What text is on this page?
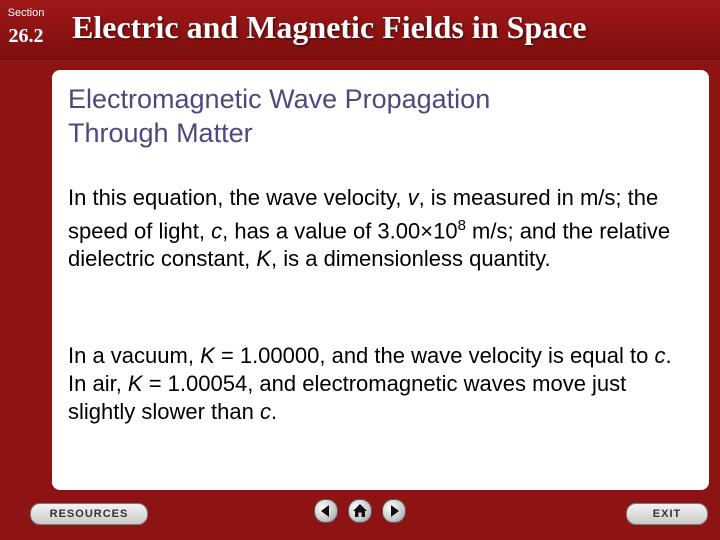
Section
26.2 Electric and Magnetic Fields in Space
Electromagnetic Wave Propagation
Through Matter
In this equation, the wave velocity, v, is measured in m/s; the speed of light, c, has a value of $3.00\times 10^8$ m/s; and the relative dielectric constant, K, is a dimensionless quantity.
In a vacuum, K = 1.00000, and the wave velocity is equal to c. In air, K = 1.00054, and electromagnetic waves move just slightly slower than c.
RESOURCES	EXIT
